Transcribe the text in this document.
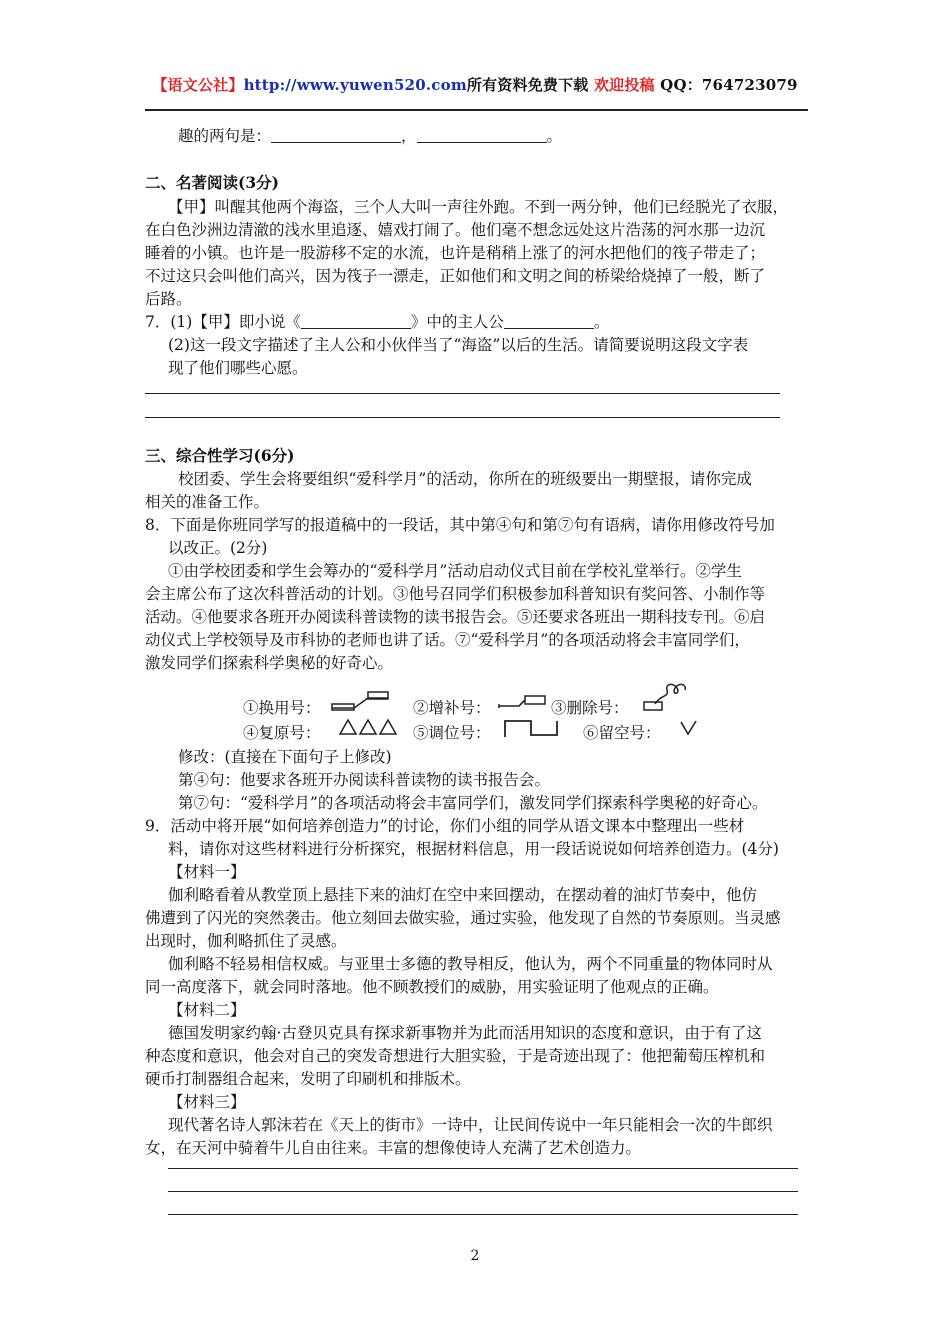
【语文公社】http://www.yuwen520.com所有资料免费下载 欢迎投稿 QQ：764723079
趣的两句是：	，	。
二、名著阅读(3分)
【甲】叫醒其他两个海盗，三个人大叫一声往外跑。不到一两分钟，他们已经脱光了衣服，
在白色沙洲边清澈的浅水里追逐、嬉戏打闹了。他们毫不想念远处这片浩荡的河水那一边沉
睡着的小镇。也许是一股游移不定的水流，也许是稍稍上涨了的河水把他们的筏子带走了；
不过这只会叫他们高兴，因为筏子一漂走，正如他们和文明之间的桥梁给烧掉了一般，断了
后路。
7．(1)【甲】即小说《	》中的主人公	。
(2)这一段文字描述了主人公和小伙伴当了“海盗”以后的生活。请简要说明这段文字表
现了他们哪些心愿。
三、综合性学习(6分)
校团委、学生会将要组织“爱科学月”的活动，你所在的班级要出一期壁报，请你完成
相关的准备工作。
8．下面是你班同学写的报道稿中的一段话，其中第④句和第⑦句有语病，请你用修改符号加
以改正。(2分)
①由学校团委和学生会筹办的“爱科学月”活动启动仪式目前在学校礼堂举行。②学生
会主席公布了这次科普活动的计划。③他号召同学们积极参加科普知识有奖问答、小制作等
活动。④他要求各班开办阅读科普读物的读书报告会。⑤还要求各班出一期科技专刊。⑥启
动仪式上学校领导及市科协的老师也讲了话。⑦“爱科学月”的各项活动将会丰富同学们，
激发同学们探索科学奥秘的好奇心。
①换用号：	②增补号：	③删除号：
④复原号：	⑤调位号：	⑥留空号：
修改：(直接在下面句子上修改)
第④句：他要求各班开办阅读科普读物的读书报告会。
第⑦句：“爱科学月”的各项活动将会丰富同学们，激发同学们探索科学奥秘的好奇心。
9．活动中将开展“如何培养创造力”的讨论，你们小组的同学从语文课本中整理出一些材
料，请你对这些材料进行分析探究，根据材料信息，用一段话说说如何培养创造力。(4分)
【材料一】
伽利略看着从教堂顶上悬挂下来的油灯在空中来回摆动，在摆动着的油灯节奏中，他仿
佛遭到了闪光的突然袭击。他立刻回去做实验，通过实验，他发现了自然的节奏原则。当灵感
出现时，伽利略抓住了灵感。
伽利略不轻易相信权威。与亚里士多德的教导相反，他认为，两个不同重量的物体同时从
同一高度落下，就会同时落地。他不顾教授们的威胁，用实验证明了他观点的正确。
【材料二】
德国发明家约翰·古登贝克具有探求新事物并为此而活用知识的态度和意识，由于有了这
种态度和意识，他会对自己的突发奇想进行大胆实验，于是奇迹出现了：他把葡萄压榨机和
硬币打制器组合起来，发明了印刷机和排版术。
【材料三】
现代著名诗人郭沫若在《天上的街市》一诗中，让民间传说中一年只能相会一次的牛郎织
女，在天河中骑着牛儿自由往来。丰富的想像使诗人充满了艺术创造力。
2
